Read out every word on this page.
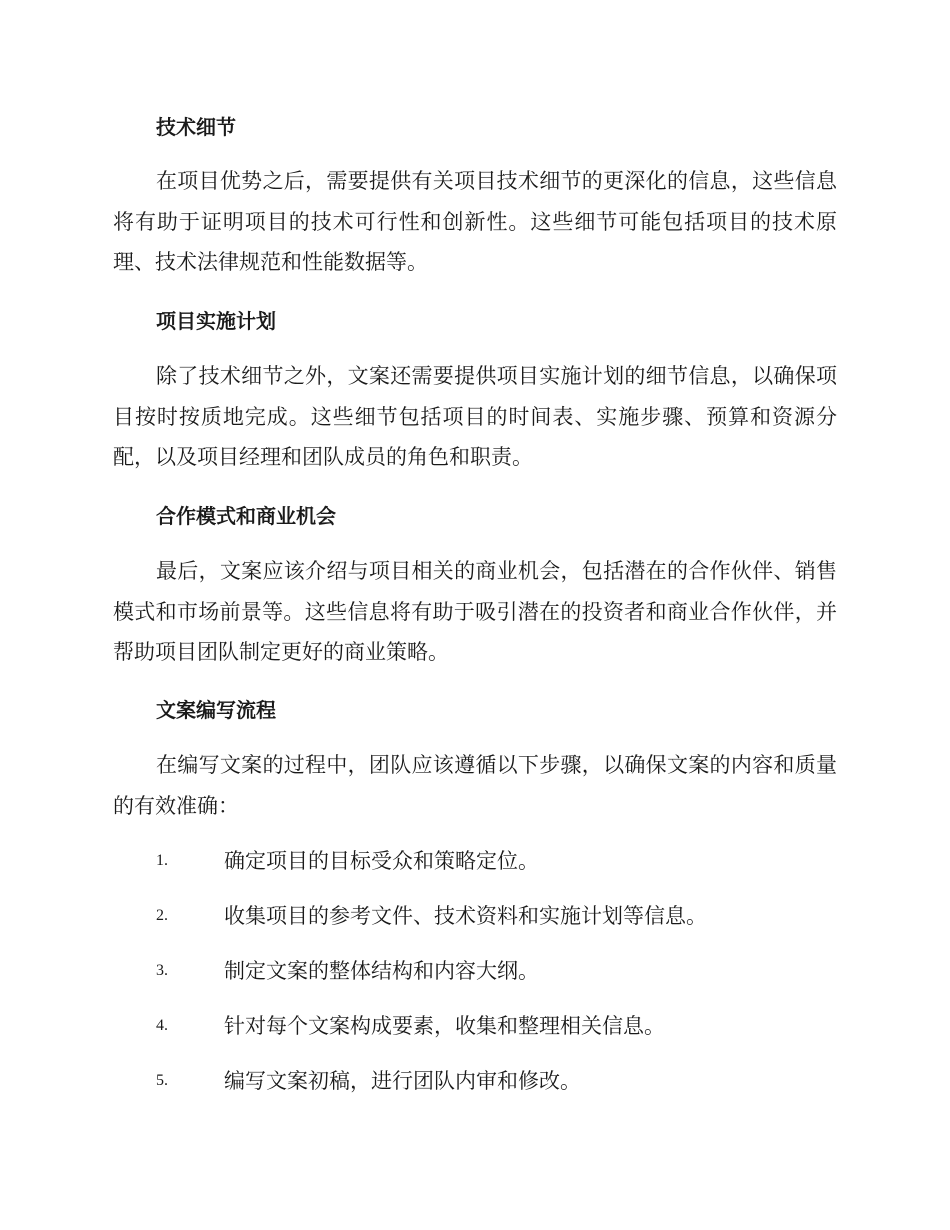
技术细节

在项目优势之后，需要提供有关项目技术细节的更深化的信息，这些信息将有助于证明项目的技术可行性和创新性。这些细节可能包括项目的技术原理、技术法律规范和性能数据等。

项目实施计划

除了技术细节之外，文案还需要提供项目实施计划的细节信息，以确保项目按时按质地完成。这些细节包括项目的时间表、实施步骤、预算和资源分配，以及项目经理和团队成员的角色和职责。

合作模式和商业机会

最后，文案应该介绍与项目相关的商业机会，包括潜在的合作伙伴、销售模式和市场前景等。这些信息将有助于吸引潜在的投资者和商业合作伙伴，并帮助项目团队制定更好的商业策略。

文案编写流程

在编写文案的过程中，团队应该遵循以下步骤，以确保文案的内容和质量的有效准确：

1.	确定项目的目标受众和策略定位。
2.	收集项目的参考文件、技术资料和实施计划等信息。
3.	制定文案的整体结构和内容大纲。
4.	针对每个文案构成要素，收集和整理相关信息。
5.	编写文案初稿，进行团队内审和修改。
